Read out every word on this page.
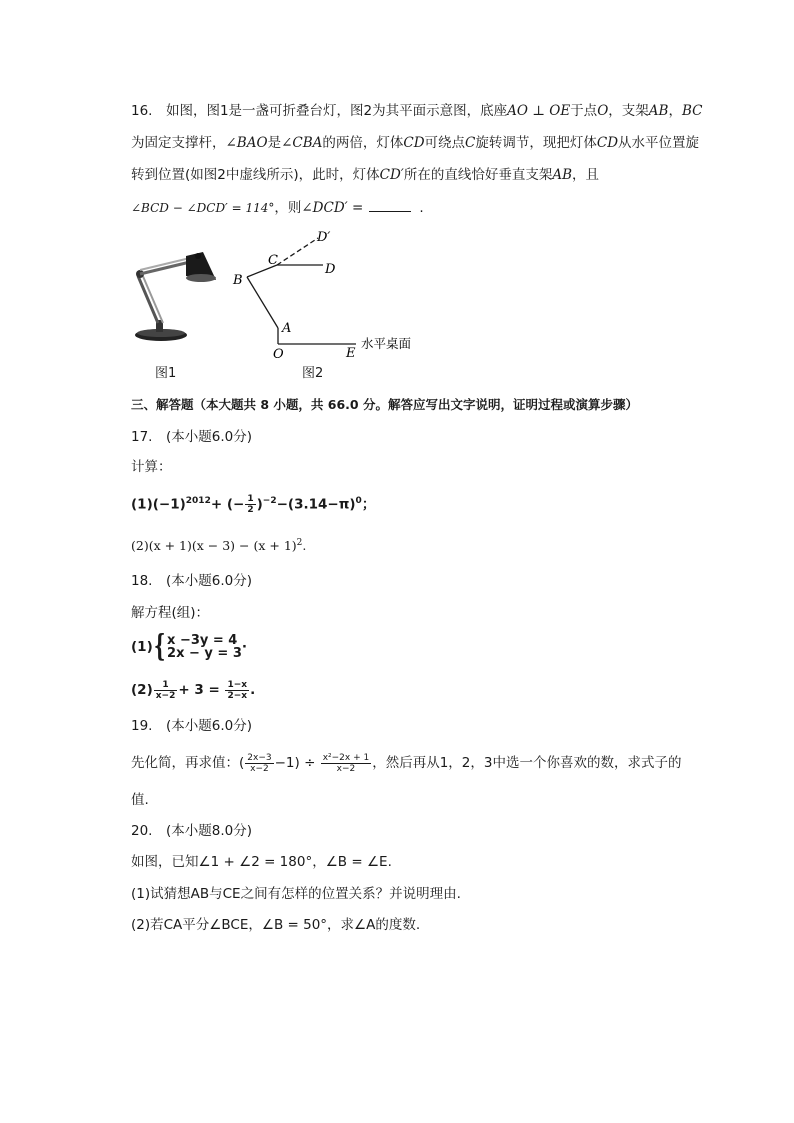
16.　如图，图1是一盏可折叠台灯，图2为其平面示意图，底座AO ⊥ OE于点O，支架AB，BC
为固定支撑杆，∠BAO是∠CBA的两倍，灯体CD可绕点C旋转调节，现把灯体CD从水平位置旋
转到位置(如图2中虚线所示)，此时，灯体CD′所在的直线恰好垂直支架AB，且
∠BCD − ∠DCD′ = 114°，则∠DCD′ =	.
图1
B
C
D
D′
A
O	E
水平桌面
图2
三、解答题（本大题共 8 小题，共 66.0 分。解答应写出文字说明，证明过程或演算步骤）
17.　(本小题6.0分)
计算：
$(1)(-1)^{2012}+$ (− $\frac{1}{2} )^{-2}-(3.14-\pi)^0$；
$(2)(x + 1)(x - 3) - (x + 1)^2$.
18.　(本小题6.0分)
解方程(组)：
(1){ x −3y = 4
2x − y = 3 ·
$(2) \frac{1}{x-2} + 3 = \frac{1-x}{2-x}$ .
19.　(本小题6.0分)
先化简，再求值：( $\frac{2x-3}{x-2} -1) \div \frac{\text{x²−2x + 1}}{x-2}$ ，然后再从1，2，3中选一个你喜欢的数，求式子的
值.
20.　(本小题8.0分)
如图，已知∠1 + ∠2 = 180°，∠B = ∠E.
(1)试猜想AB与CE之间有怎样的位置关系？并说明理由.
(2)若CA平分∠BCE，∠B = 50°，求∠A的度数.
